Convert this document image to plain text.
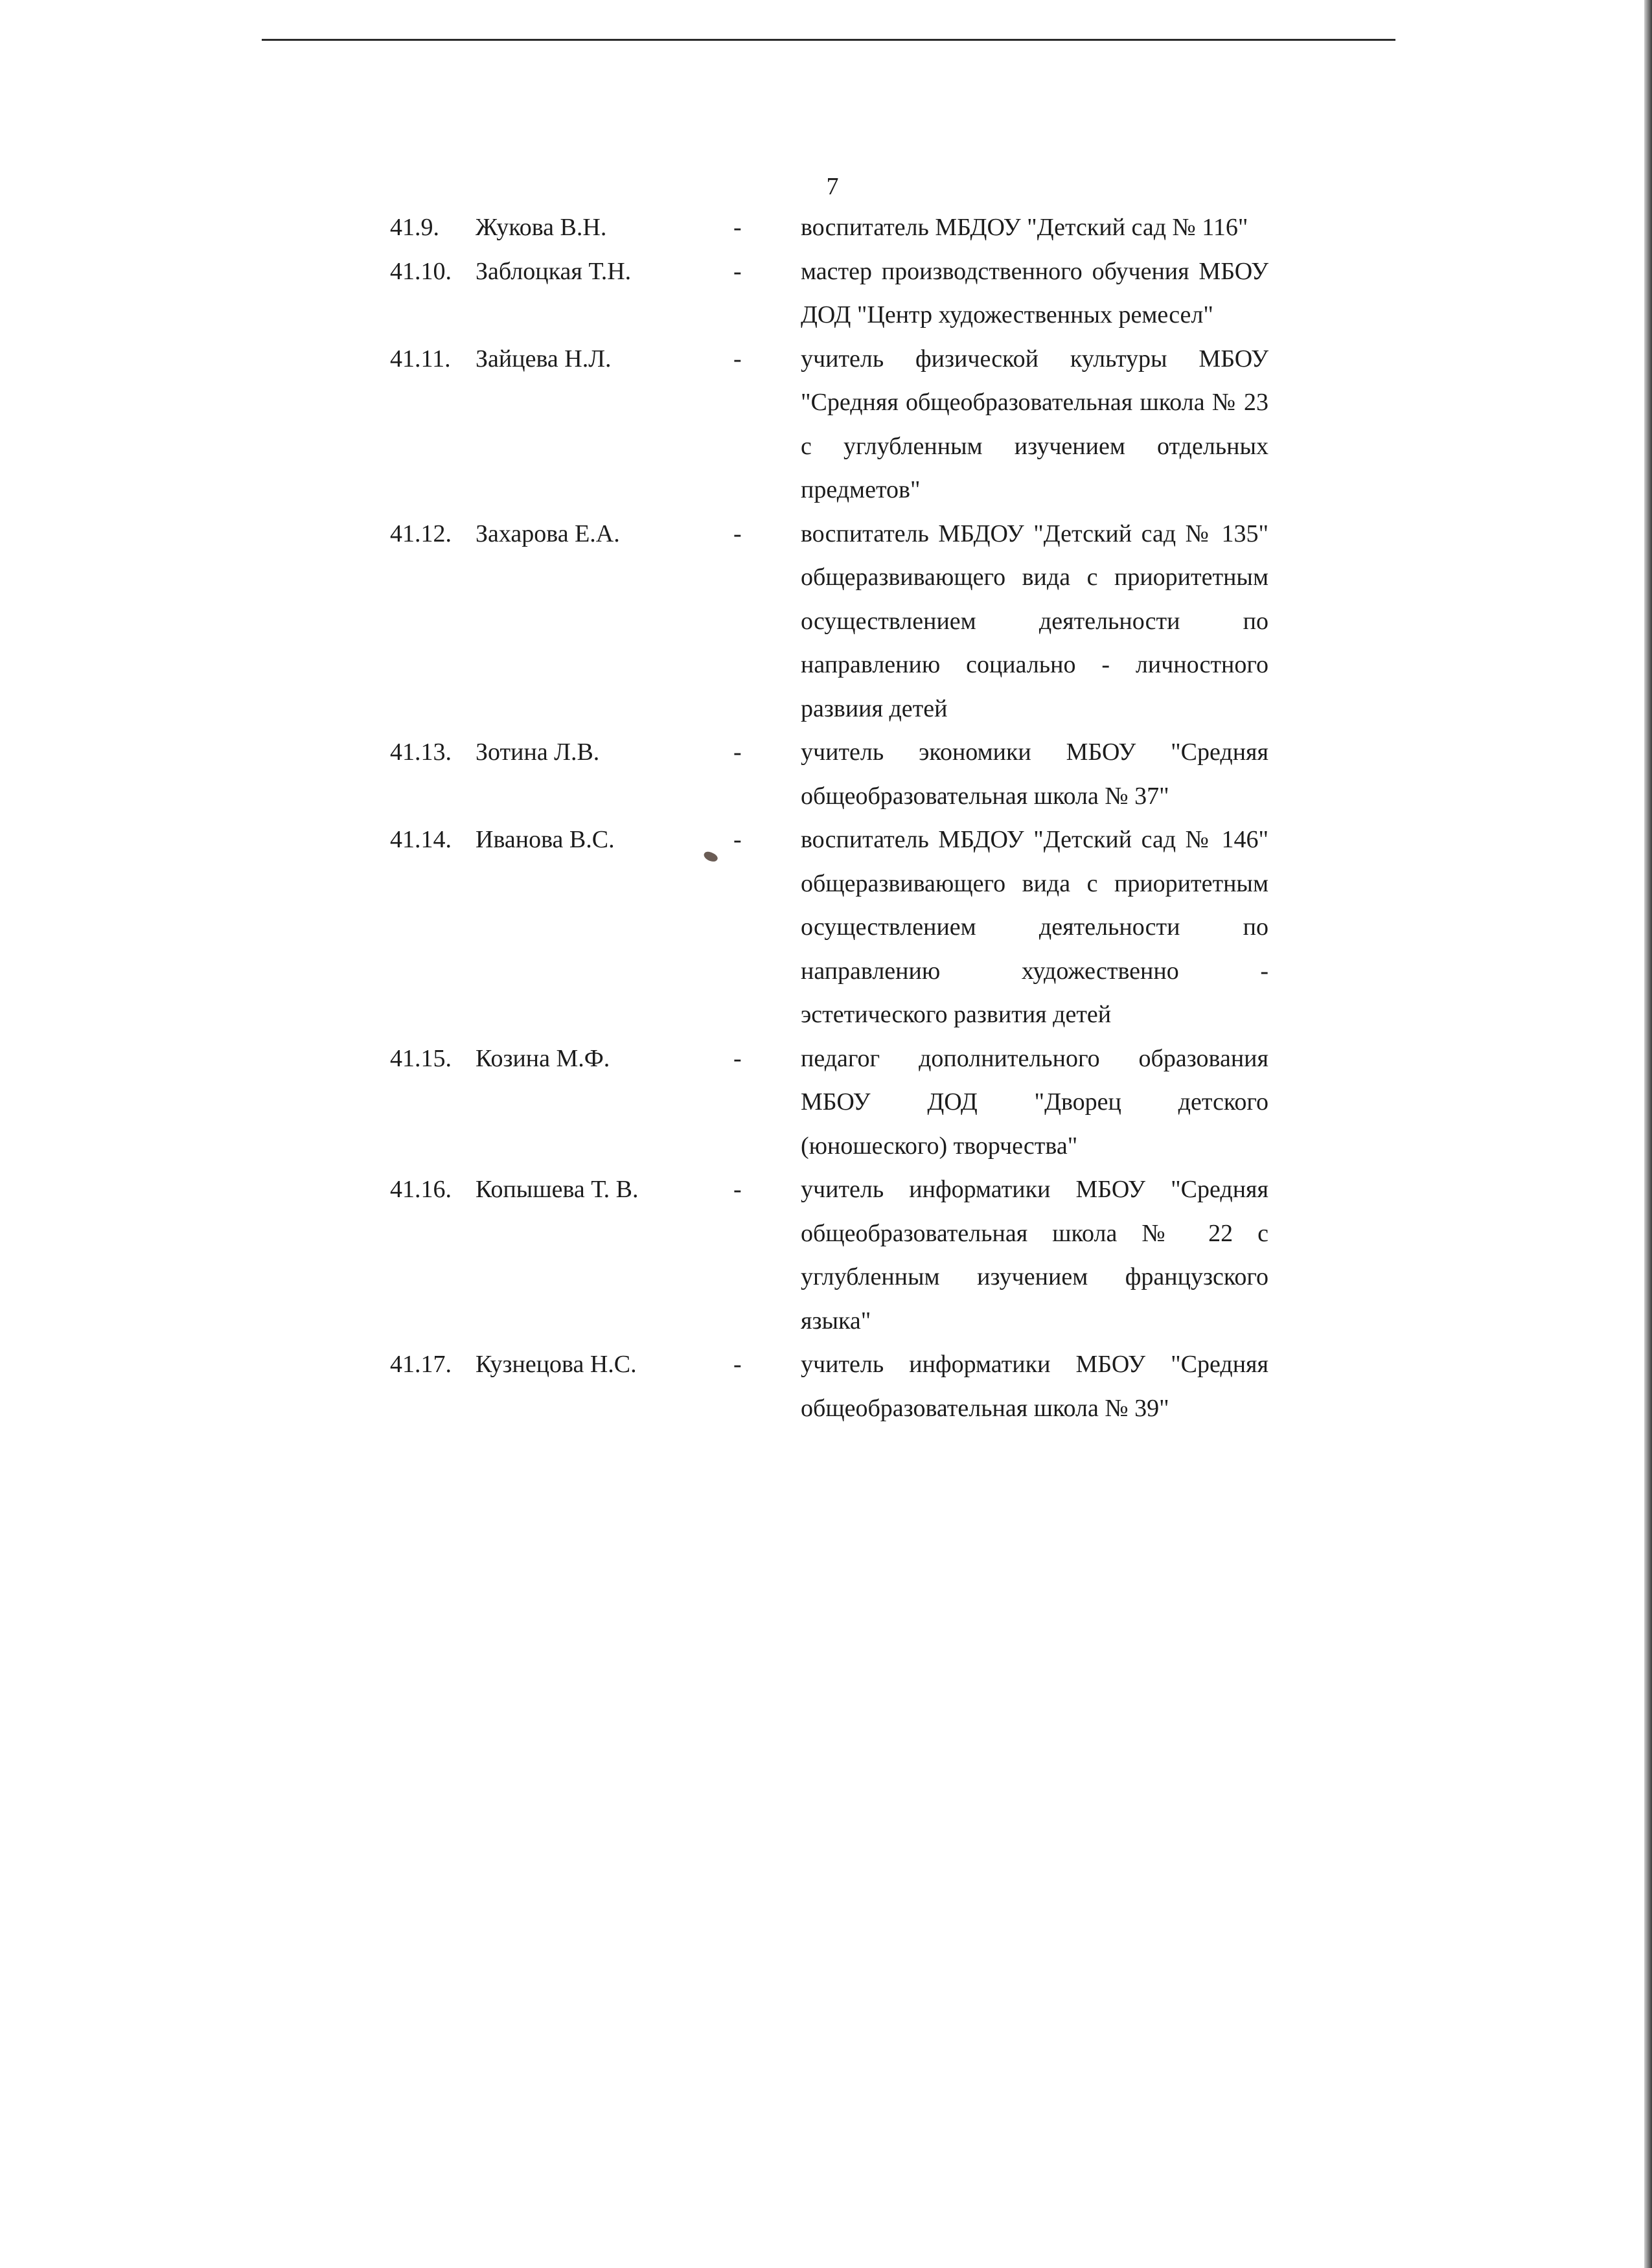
7
41.9. Жукова В.Н.	- воспитатель МБДОУ "Детский сад № 116"
41.10. Заблоцкая Т.Н.	- мастер производственного обучения МБОУ ДОД "Центр художественных ремесел"
41.11. Зайцева Н.Л.	- учитель физической культуры МБОУ "Средняя общеобразовательная школа № 23 с углубленным изучением отдельных предметов"
41.12. Захарова Е.А.	- воспитатель МБДОУ "Детский сад № 135" общеразвивающего вида с приоритетным осуществлением деятельности по направлению социально - личностного развиия детей
41.13. Зотина Л.В.	- учитель экономики МБОУ "Средняя общеобразовательная школа № 37"
41.14. Иванова В.С.	- воспитатель МБДОУ "Детский сад № 146" общеразвивающего вида с приоритетным осуществлением деятельности по направлению художественно - эстетического развития детей
41.15. Козина М.Ф.	- педагог дополнительного образования МБОУ ДОД "Дворец детского (юношеского) творчества"
41.16. Копышева Т. В.	- учитель информатики МБОУ "Средняя общеобразовательная школа № 22 с углубленным изучением французского языка"
41.17. Кузнецова Н.С.	- учитель информатики МБОУ "Средняя общеобразовательная школа № 39"
